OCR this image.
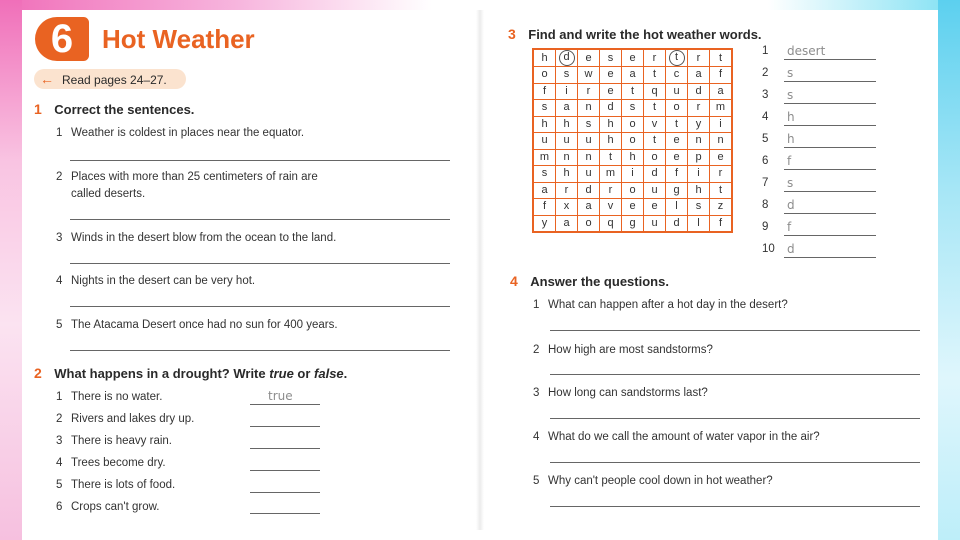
6	Hot Weather
← Read pages 24–27.
1 Correct the sentences.
1 Weather is coldest in places near the equator.
2 Places with more than 25 centimeters of rain are
called deserts.
3 Winds in the desert blow from the ocean to the land.
4 Nights in the desert can be very hot.
5 The Atacama Desert once had no sun for 400 years.
2 What happens in a drought? Write true or false.
1 There is no water.	true
2 Rivers and lakes dry up.
3 There is heavy rain.
4 Trees become dry.
5 There is lots of food.
6 Crops can't grow.
3 Find and write the hot weather words.
h	d	e	s	e	r	t	r	t
o	s	w	e	a	t	c	a	f
f	i	r	e	t	q	u	d	a
s	a	n	d	s	t	o	r	m
h	h	s	h	o	v	t	y	i
u	u	u	h	o	t	e	n	n
m	n	n	t	h	o	e	p	e
s	h	u	m	i	d	f	i	r
a	r	d	r	o	u	g	h	t
f	x	a	v	e	e	l	s	z
y	a	o	q	g	u	d	l	f
1 desert
2 s
3 s
4 h
5 h
6 f
7 s
8 d
9 f
10 d
4 Answer the questions.
1 What can happen after a hot day in the desert?
2 How high are most sandstorms?
3 How long can sandstorms last?
4 What do we call the amount of water vapor in the air?
5 Why can't people cool down in hot weather?
